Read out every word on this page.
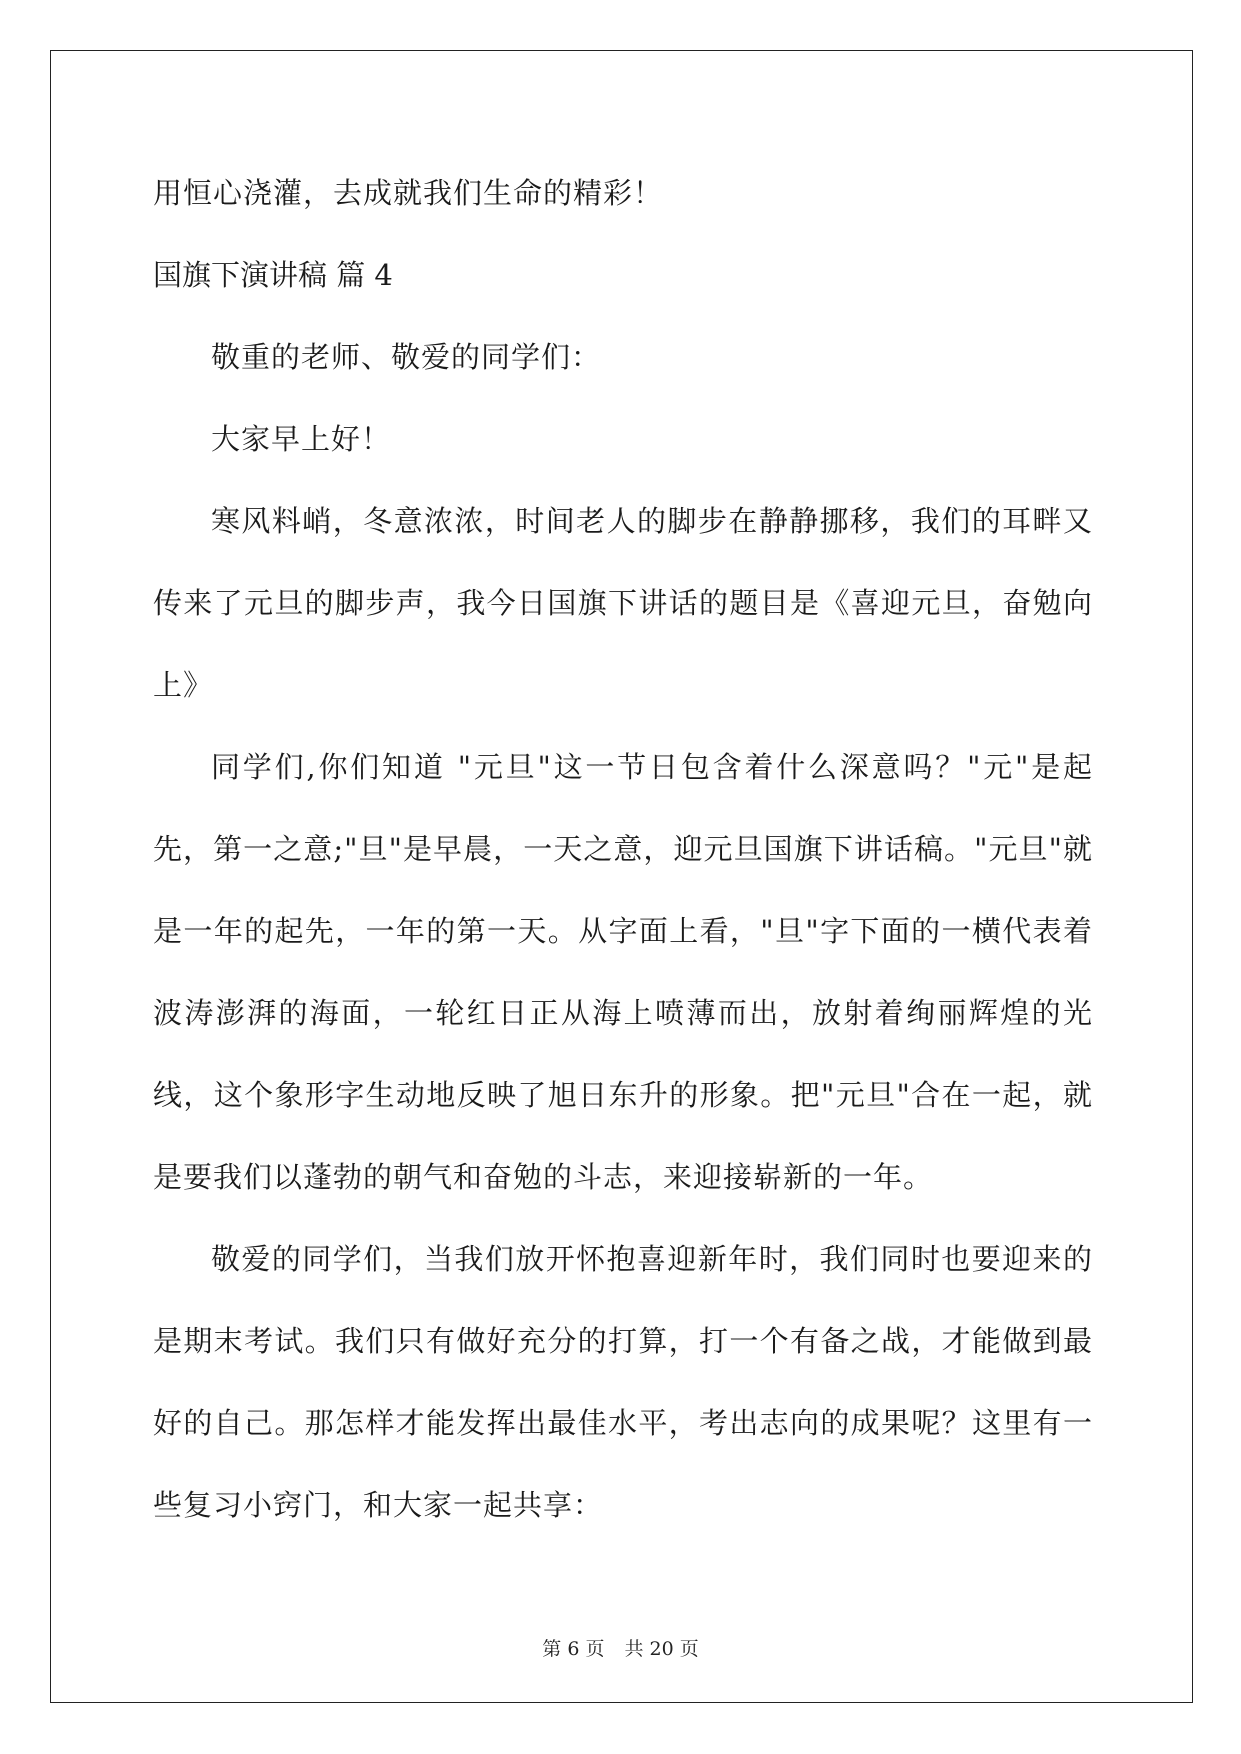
用恒心浇灌，去成就我们生命的精彩！
国旗下演讲稿 篇 4
敬重的老师、敬爱的同学们：
大家早上好！
寒风料峭，冬意浓浓，时间老人的脚步在静静挪移，我们的耳畔又传来了元旦的脚步声，我今日国旗下讲话的题目是《喜迎元旦，奋勉向上》
同学们,你们知道 "元旦"这一节日包含着什么深意吗？"元"是起先，第一之意;"旦"是早晨，一天之意，迎元旦国旗下讲话稿。"元旦"就是一年的起先，一年的第一天。从字面上看，"旦"字下面的一横代表着波涛澎湃的海面，一轮红日正从海上喷薄而出，放射着绚丽辉煌的光线，这个象形字生动地反映了旭日东升的形象。把"元旦"合在一起，就是要我们以蓬勃的朝气和奋勉的斗志，来迎接崭新的一年。
敬爱的同学们，当我们放开怀抱喜迎新年时，我们同时也要迎来的是期末考试。我们只有做好充分的打算，打一个有备之战，才能做到最好的自己。那怎样才能发挥出最佳水平，考出志向的成果呢？这里有一些复习小窍门，和大家一起共享：
第 6 页 共 20 页
